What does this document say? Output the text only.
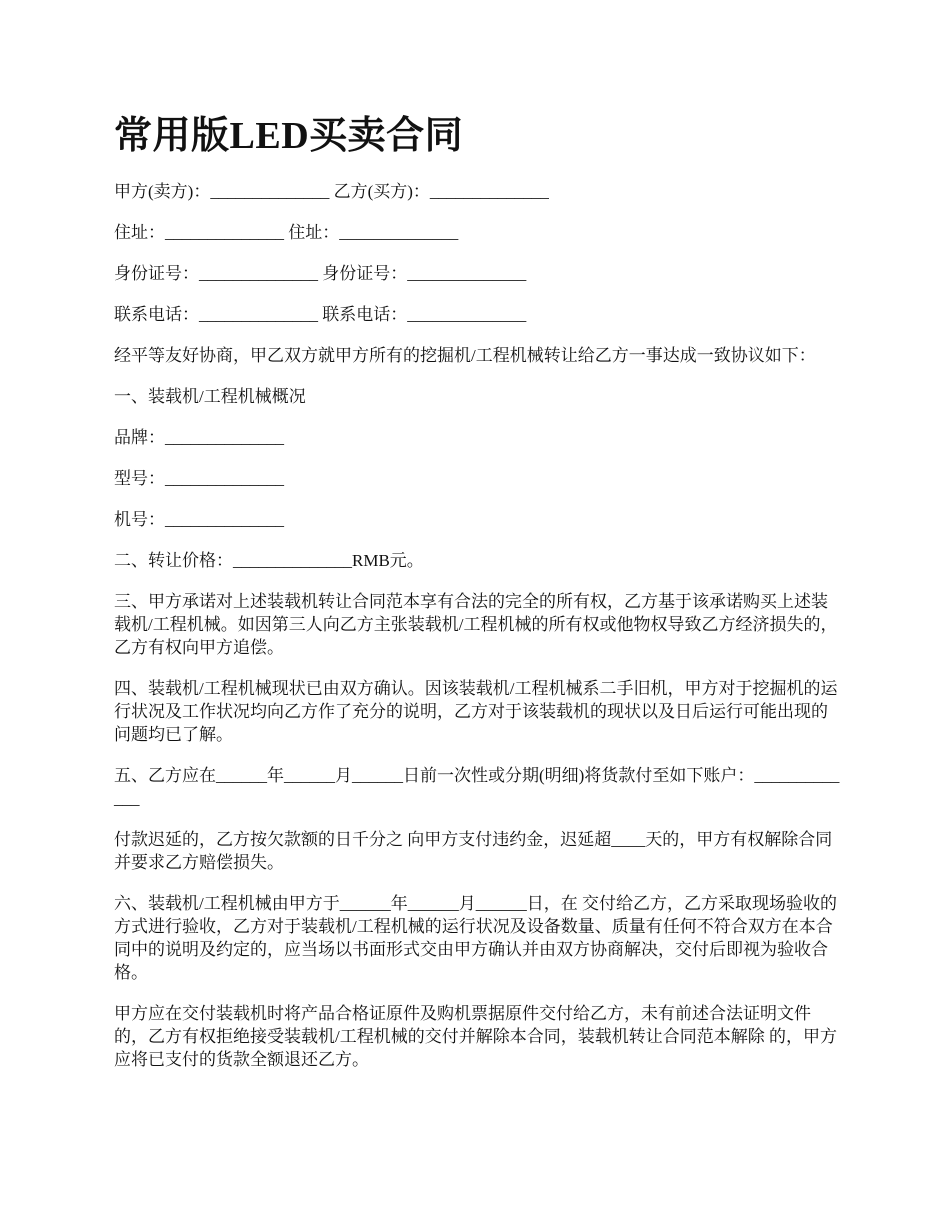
常用版LED买卖合同

甲方(卖方)：______________ 乙方(买方)：______________

住址：______________ 住址：______________

身份证号：______________ 身份证号：______________

联系电话：______________ 联系电话：______________

经平等友好协商，甲乙双方就甲方所有的挖掘机/工程机械转让给乙方一事达成一致协议如下：

一、装载机/工程机械概况

品牌：______________

型号：______________

机号：______________

二、转让价格：______________RMB元。

三、甲方承诺对上述装载机转让合同范本享有合法的完全的所有权，乙方基于该承诺购买上述装载机/工程机械。如因第三人向乙方主张装载机/工程机械的所有权或他物权导致乙方经济损失的，乙方有权向甲方追偿。

四、装载机/工程机械现状已由双方确认。因该装载机/工程机械系二手旧机，甲方对于挖掘机的运行状况及工作状况均向乙方作了充分的说明，乙方对于该装载机的现状以及日后运行可能出现的问题均已了解。

五、乙方应在______年______月______日前一次性或分期(明细)将货款付至如下账户：_____________

付款迟延的，乙方按欠款额的日千分之 向甲方支付违约金，迟延超____天的，甲方有权解除合同并要求乙方赔偿损失。

六、装载机/工程机械由甲方于______年______月______日，在 交付给乙方，乙方采取现场验收的方式进行验收，乙方对于装载机/工程机械的运行状况及设备数量、质量有任何不符合双方在本合同中的说明及约定的，应当场以书面形式交由甲方确认并由双方协商解决，交付后即视为验收合格。

甲方应在交付装载机时将产品合格证原件及购机票据原件交付给乙方，未有前述合法证明文件的，乙方有权拒绝接受装载机/工程机械的交付并解除本合同，装载机转让合同范本解除 的，甲方应将已支付的货款全额退还乙方。
